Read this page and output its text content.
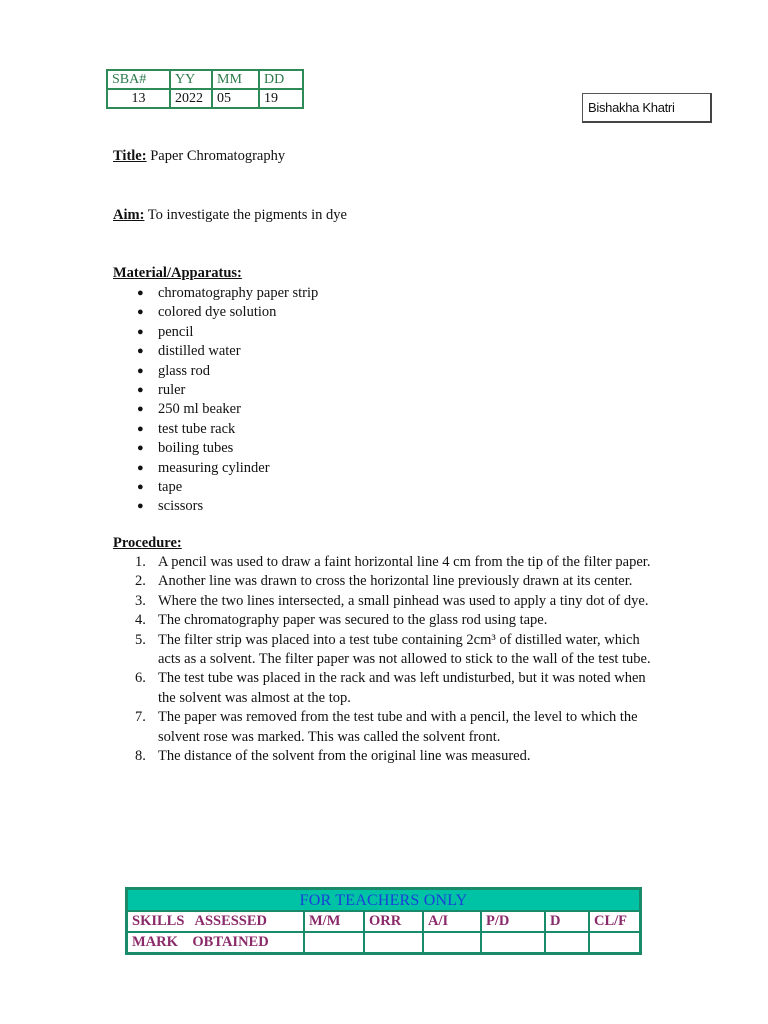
SBA#	YY	MM	DD
13	2022	05	19
Bishakha Khatri
Title: Paper Chromatography
Aim: To investigate the pigments in dye
Material/Apparatus:
● chromatography paper strip
● colored dye solution
● pencil
● distilled water
● glass rod
● ruler
● 250 ml beaker
● test tube rack
● boiling tubes
● measuring cylinder
● tape
● scissors
Procedure:
1. A pencil was used to draw a faint horizontal line 4 cm from the tip of the filter paper.
2. Another line was drawn to cross the horizontal line previously drawn at its center.
3. Where the two lines intersected, a small pinhead was used to apply a tiny dot of dye.
4. The chromatography paper was secured to the glass rod using tape.
5. The filter strip was placed into a test tube containing 2cm³ of distilled water, which acts as a solvent. The filter paper was not allowed to stick to the wall of the test tube.
6. The test tube was placed in the rack and was left undisturbed, but it was noted when the solvent was almost at the top.
7. The paper was removed from the test tube and with a pencil, the level to which the solvent rose was marked. This was called the solvent front.
8. The distance of the solvent from the original line was measured.
FOR TEACHERS ONLY						
SKILLS   ASSESSED	M/M	ORR	A/I	P/D	D	CL/F
MARK    OBTAINED						
